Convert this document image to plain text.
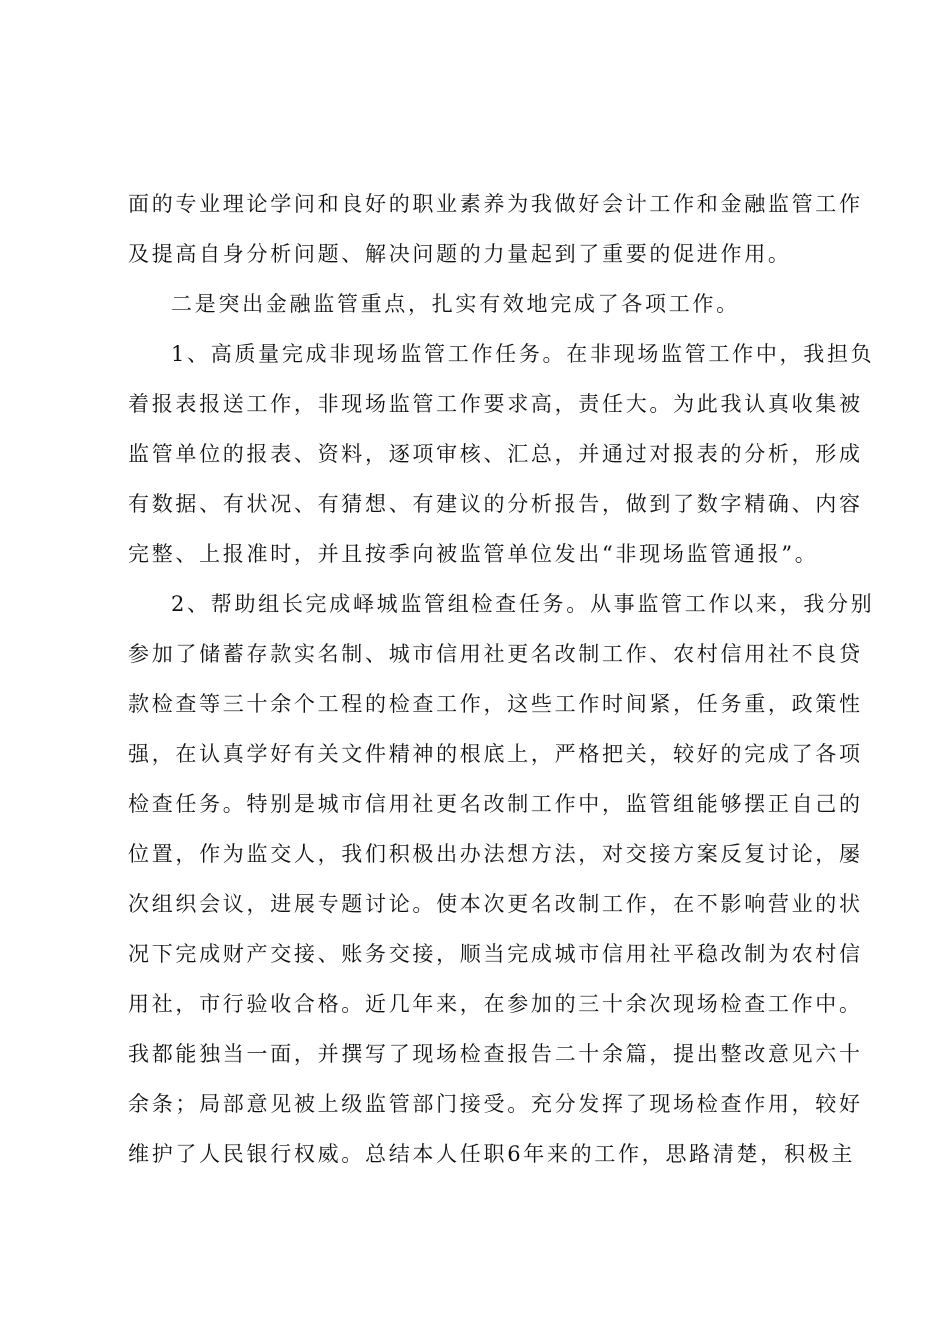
面的专业理论学问和良好的职业素养为我做好会计工作和金融监管工作
及提高自身分析问题、解决问题的力量起到了重要的促进作用。
二是突出金融监管重点，扎实有效地完成了各项工作。
1、高质量完成非现场监管工作任务。在非现场监管工作中，我担负
着报表报送工作，非现场监管工作要求高，责任大。为此我认真收集被
监管单位的报表、资料，逐项审核、汇总，并通过对报表的分析，形成
有数据、有状况、有猜想、有建议的分析报告，做到了数字精确、内容
完整、上报准时，并且按季向被监管单位发出“非现场监管通报”。
2、帮助组长完成峄城监管组检查任务。从事监管工作以来，我分别
参加了储蓄存款实名制、城市信用社更名改制工作、农村信用社不良贷
款检查等三十余个工程的检查工作，这些工作时间紧，任务重，政策性
强，在认真学好有关文件精神的根底上，严格把关，较好的完成了各项
检查任务。特别是城市信用社更名改制工作中，监管组能够摆正自己的
位置，作为监交人，我们积极出办法想方法，对交接方案反复讨论，屡
次组织会议，进展专题讨论。使本次更名改制工作，在不影响营业的状
况下完成财产交接、账务交接，顺当完成城市信用社平稳改制为农村信
用社，市行验收合格。近几年来，在参加的三十余次现场检查工作中。
我都能独当一面，并撰写了现场检查报告二十余篇，提出整改意见六十
余条；局部意见被上级监管部门接受。充分发挥了现场检查作用，较好
维护了人民银行权威。总结本人任职6年来的工作，思路清楚，积极主
